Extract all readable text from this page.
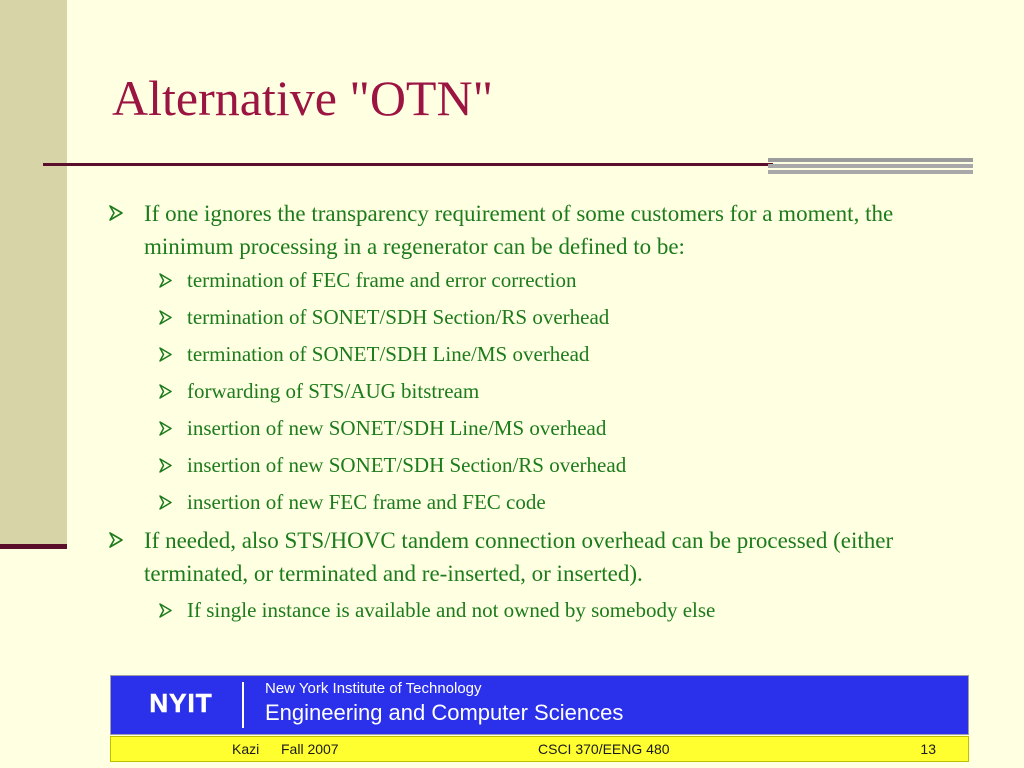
Alternative "OTN"
If one ignores the transparency requirement of some customers for a moment, the minimum processing in a regenerator can be defined to be:
termination of FEC frame and error correction
termination of SONET/SDH Section/RS overhead
termination of SONET/SDH Line/MS overhead
forwarding of STS/AUG bitstream
insertion of new SONET/SDH Line/MS overhead
insertion of new SONET/SDH Section/RS overhead
insertion of new FEC frame and FEC code
If needed, also STS/HOVC tandem connection overhead can be processed (either terminated, or terminated and re-inserted, or inserted).
If single instance is available and not owned by somebody else
NYIT	New York Institute of Technology
Engineering and Computer Sciences
Kazi Fall 2007	CSCI 370/EENG 480	13
